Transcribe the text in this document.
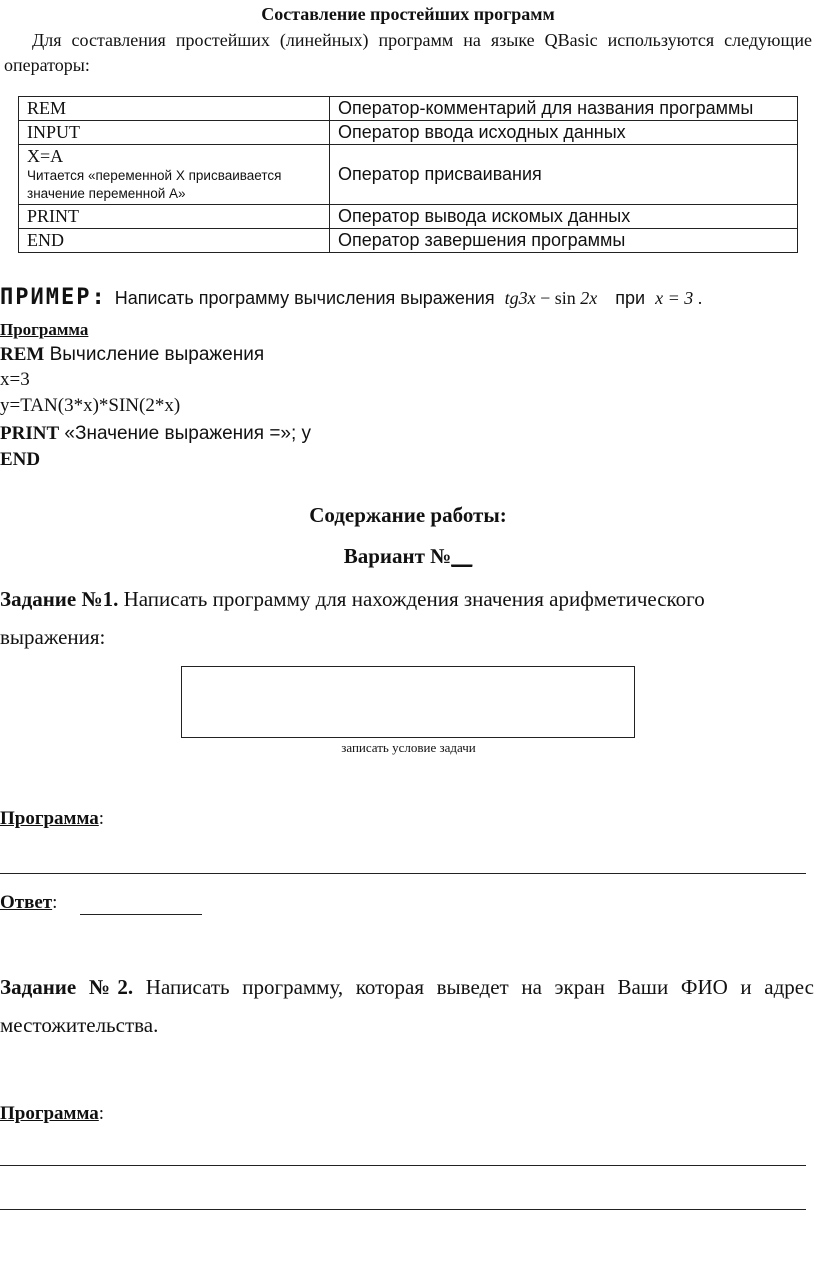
Составление простейших программ
Для составления простейших (линейных) программ на языке QBasic используются следующие операторы:
REM	Оператор-комментарий для названия программы
INPUT	Оператор ввода исходных данных
X=A
Читается «переменной Х присваивается значение переменной А»	Оператор присваивания
PRINT	Оператор вывода искомых данных
END	Оператор завершения программы
ПРИМЕР: Написать программу вычисления выражения tg3x − sin 2x при x = 3 .
Программа
REM Вычисление выражения
x=3
y=TAN(3*x)*SIN(2*x)
PRINT «Значение выражения =»; y
END
Содержание работы:
Вариант №__
Задание №1. Написать программу для нахождения значения арифметического выражения:
записать условие задачи
Программа:
Ответ:
Задание №2. Написать программу, которая выведет на экран Ваши ФИО и адрес местожительства.
Программа:
